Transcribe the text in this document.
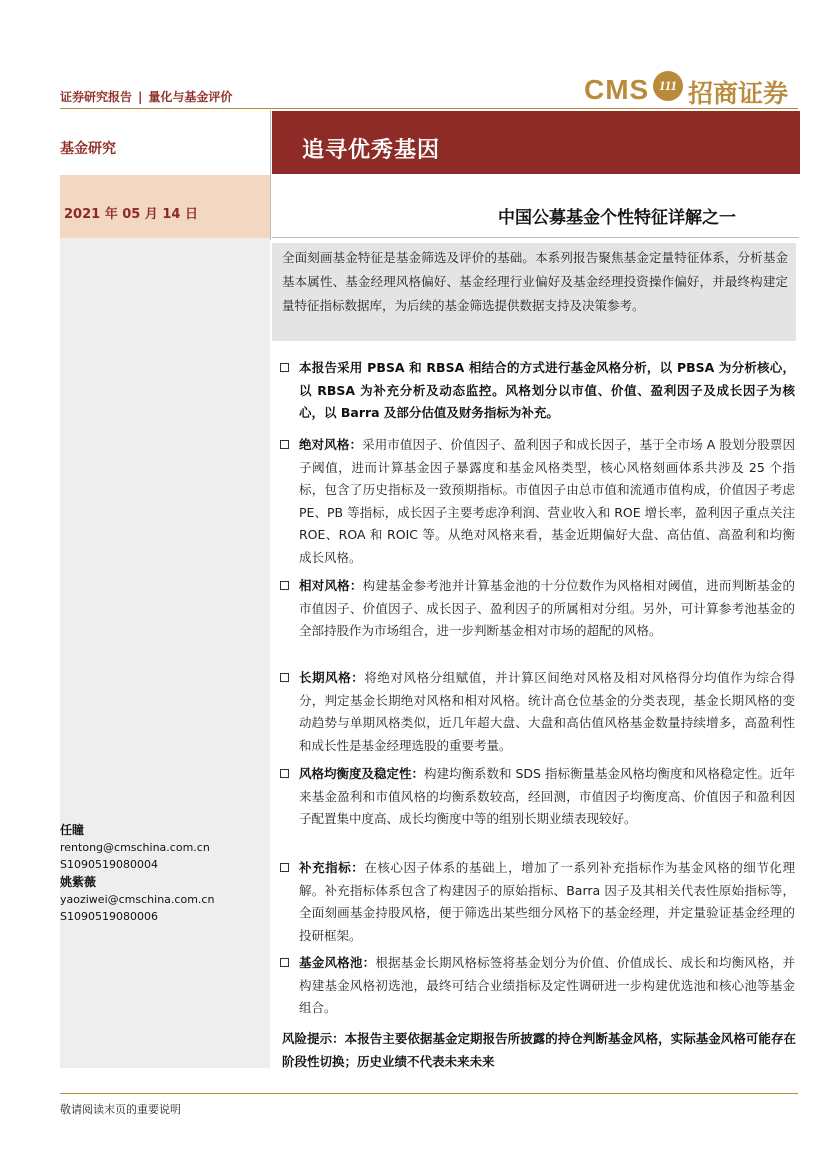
证券研究报告 | 量化与基金评价	CMS 111 招商证券
基金研究	追寻优秀基因
2021 年 05 月 14 日	中国公募基金个性特征详解之一
全面刻画基金特征是基金筛选及评价的基础。本系列报告聚焦基金定量特征体系，分析基金基本属性、基金经理风格偏好、基金经理行业偏好及基金经理投资操作偏好，并最终构建定量特征指标数据库，为后续的基金筛选提供数据支持及决策参考。
本报告采用 PBSA 和 RBSA 相结合的方式进行基金风格分析，以 PBSA 为分析核心，以 RBSA 为补充分析及动态监控。风格划分以市值、价值、盈利因子及成长因子为核心，以 Barra 及部分估值及财务指标为补充。
绝对风格：采用市值因子、价值因子、盈利因子和成长因子，基于全市场 A 股划分股票因子阈值，进而计算基金因子暴露度和基金风格类型，核心风格刻画体系共涉及 25 个指标，包含了历史指标及一致预期指标。市值因子由总市值和流通市值构成，价值因子考虑 PE、PB 等指标，成长因子主要考虑净利润、营业收入和 ROE 增长率，盈利因子重点关注 ROE、ROA 和 ROIC 等。从绝对风格来看，基金近期偏好大盘、高估值、高盈利和均衡成长风格。
相对风格：构建基金参考池并计算基金池的十分位数作为风格相对阈值，进而判断基金的市值因子、价值因子、成长因子、盈利因子的所属相对分组。另外，可计算参考池基金的全部持股作为市场组合，进一步判断基金相对市场的超配的风格。
长期风格：将绝对风格分组赋值，并计算区间绝对风格及相对风格得分均值作为综合得分，判定基金长期绝对风格和相对风格。统计高仓位基金的分类表现，基金长期风格的变动趋势与单期风格类似，近几年超大盘、大盘和高估值风格基金数量持续增多，高盈利性和成长性是基金经理选股的重要考量。
风格均衡度及稳定性：构建均衡系数和 SDS 指标衡量基金风格均衡度和风格稳定性。近年来基金盈利和市值风格的均衡系数较高，经回测，市值因子均衡度高、价值因子和盈利因子配置集中度高、成长均衡度中等的组别长期业绩表现较好。
补充指标：在核心因子体系的基础上，增加了一系列补充指标作为基金风格的细节化理解。补充指标体系包含了构建因子的原始指标、Barra 因子及其相关代表性原始指标等，全面刻画基金持股风格，便于筛选出某些细分风格下的基金经理，并定量验证基金经理的投研框架。
基金风格池：根据基金长期风格标签将基金划分为价值、价值成长、成长和均衡风格，并构建基金风格初选池，最终可结合业绩指标及定性调研进一步构建优选池和核心池等基金组合。
风险提示：本报告主要依据基金定期报告所披露的持仓判断基金风格，实际基金风格可能存在阶段性切换；历史业绩不代表未来未来
任瞳
rentong@cmschina.com.cn
S1090519080004
姚紫薇
yaoziwei@cmschina.com.cn
S1090519080006
敬请阅读末页的重要说明
